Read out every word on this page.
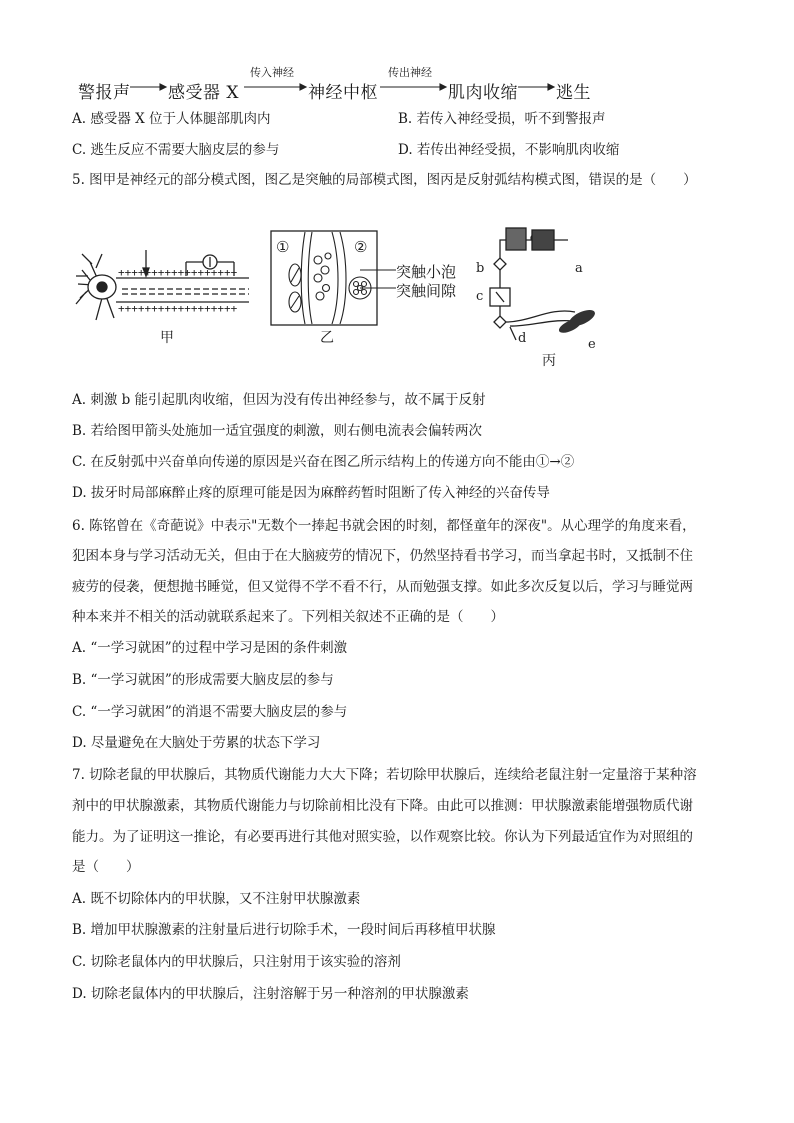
警报声 感受器 X
传入神经
神经中枢
传出神经
肌肉收缩 逃生
A. 感受器 X 位于人体腿部肌肉内	B. 若传入神经受损，听不到警报声
C. 逃生反应不需要大脑皮层的参与	D. 若传出神经受损，不影响肌肉收缩
5. 图甲是神经元的部分模式图，图乙是突触的局部模式图，图丙是反射弧结构模式图，错误的是（　　）
++++++++++++++++++
++++++++++++++++++
甲
①	②
突触小泡
突触间隙
乙
a
b
c
d	e
丙
A. 刺激 b 能引起肌肉收缩，但因为没有传出神经参与，故不属于反射
B. 若给图甲箭头处施加一适宜强度的刺激，则右侧电流表会偏转两次
C. 在反射弧中兴奋单向传递的原因是兴奋在图乙所示结构上的传递方向不能由①→②
D. 拔牙时局部麻醉止疼的原理可能是因为麻醉药暂时阻断了传入神经的兴奋传导
6. 陈铭曾在《奇葩说》中表示"无数个一捧起书就会困的时刻，都怪童年的深夜"。从心理学的角度来看，
犯困本身与学习活动无关，但由于在大脑疲劳的情况下，仍然坚持看书学习，而当拿起书时，又抵制不住
疲劳的侵袭，便想抛书睡觉，但又觉得不学不看不行，从而勉强支撑。如此多次反复以后，学习与睡觉两
种本来并不相关的活动就联系起来了。下列相关叙述不正确的是（　　）
A. “一学习就困”的过程中学习是困的条件刺激
B. “一学习就困”的形成需要大脑皮层的参与
C. “一学习就困”的消退不需要大脑皮层的参与
D. 尽量避免在大脑处于劳累的状态下学习
7. 切除老鼠的甲状腺后，其物质代谢能力大大下降；若切除甲状腺后，连续给老鼠注射一定量溶于某种溶
剂中的甲状腺激素，其物质代谢能力与切除前相比没有下降。由此可以推测：甲状腺激素能增强物质代谢
能力。为了证明这一推论，有必要再进行其他对照实验，以作观察比较。你认为下列最适宜作为对照组的
是（　　）
A. 既不切除体内的甲状腺，又不注射甲状腺激素
B. 增加甲状腺激素的注射量后进行切除手术，一段时间后再移植甲状腺
C. 切除老鼠体内的甲状腺后，只注射用于该实验的溶剂
D. 切除老鼠体内的甲状腺后，注射溶解于另一种溶剂的甲状腺激素
